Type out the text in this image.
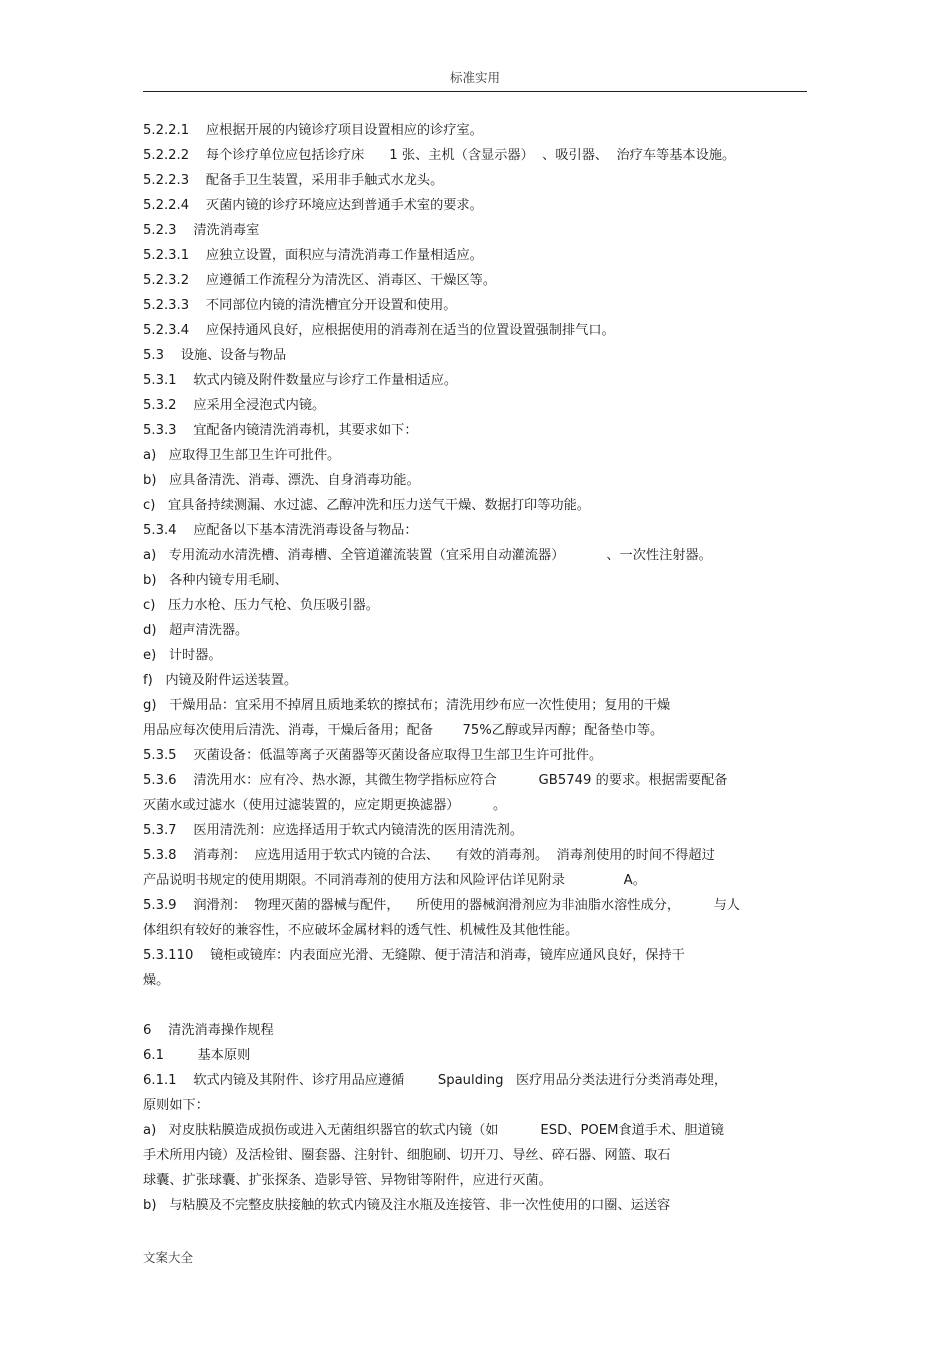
标准实用
5.2.2.1    应根据开展的内镜诊疗项目设置相应的诊疗室。
5.2.2.2    每个诊疗单位应包括诊疗床      1 张、主机（含显示器）  、吸引器、  治疗车等基本设施。
5.2.2.3    配备手卫生装置，采用非手触式水龙头。
5.2.2.4    灭菌内镜的诊疗环境应达到普通手术室的要求。
5.2.3    清洗消毒室
5.2.3.1    应独立设置，面积应与清洗消毒工作量相适应。
5.2.3.2    应遵循工作流程分为清洗区、消毒区、干燥区等。
5.2.3.3    不同部位内镜的清洗槽宜分开设置和使用。
5.2.3.4    应保持通风良好，应根据使用的消毒剂在适当的位置设置强制排气口。
5.3    设施、设备与物品
5.3.1    软式内镜及附件数量应与诊疗工作量相适应。
5.3.2    应采用全浸泡式内镜。
5.3.3    宜配备内镜清洗消毒机，其要求如下：
a)   应取得卫生部卫生许可批件。
b)   应具备清洗、消毒、漂洗、自身消毒功能。
c)   宜具备持续测漏、水过滤、乙醇冲洗和压力送气干燥、数据打印等功能。
5.3.4    应配备以下基本清洗消毒设备与物品：
a)   专用流动水清洗槽、消毒槽、全管道灌流装置（宜采用自动灌流器）          、一次性注射器。
b)   各种内镜专用毛刷、
c)   压力水枪、压力气枪、负压吸引器。
d)   超声清洗器。
e)   计时器。
f)   内镜及附件运送装置。
g)   干燥用品：宜采用不掉屑且质地柔软的擦拭布；清洗用纱布应一次性使用；复用的干燥
用品应每次使用后清洗、消毒，干燥后备用；配备       75%乙醇或异丙醇；配备垫巾等。
5.3.5    灭菌设备：低温等离子灭菌器等灭菌设备应取得卫生部卫生许可批件。
5.3.6    清洗用水：应有冷、热水源，其微生物学指标应符合          GB5749 的要求。根据需要配备
灭菌水或过滤水（使用过滤装置的，应定期更换滤器）        。
5.3.7    医用清洗剂：应选择适用于软式内镜清洗的医用清洗剂。
5.3.8    消毒剂：  应选用适用于软式内镜的合法、    有效的消毒剂。  消毒剂使用的时间不得超过
产品说明书规定的使用期限。不同消毒剂的使用方法和风险评估详见附录              A。
5.3.9    润滑剂：  物理灭菌的器械与配件，    所使用的器械润滑剂应为非油脂水溶性成分，        与人
体组织有较好的兼容性，不应破坏金属材料的透气性、机械性及其他性能。
5.3.110    镜柜或镜库：内表面应光滑、无缝隙、便于清洁和消毒，镜库应通风良好，保持干
燥。
6    清洗消毒操作规程
6.1        基本原则
6.1.1    软式内镜及其附件、诊疗用品应遵循        Spaulding   医疗用品分类法进行分类消毒处理，
原则如下：
a)   对皮肤粘膜造成损伤或进入无菌组织器官的软式内镜（如          ESD、POEM食道手术、胆道镜
手术所用内镜）及活检钳、圈套器、注射针、细胞刷、切开刀、导丝、碎石器、网篮、取石
球囊、扩张球囊、扩张探条、造影导管、异物钳等附件，应进行灭菌。
b)   与粘膜及不完整皮肤接触的软式内镜及注水瓶及连接管、非一次性使用的口圈、运送容
文案大全
